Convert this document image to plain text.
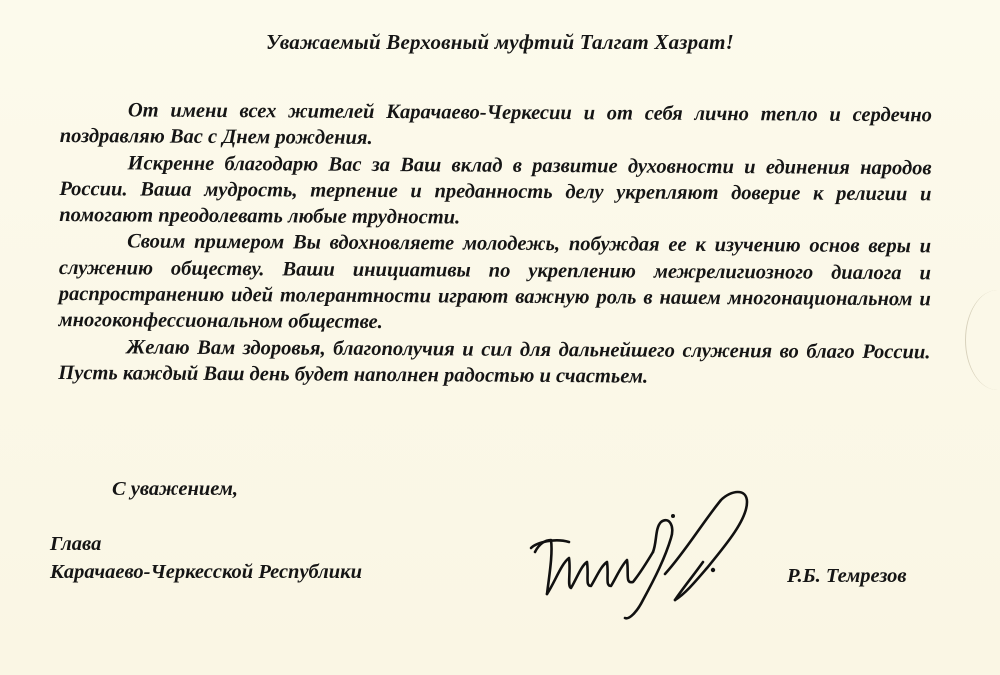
Уважаемый Верховный муфтий Талгат Хазрат!

От имени всех жителей Карачаево-Черкесии и от себя лично тепло и сердечно поздравляю Вас с Днем рождения.

Искренне благодарю Вас за Ваш вклад в развитие духовности и единения народов России. Ваша мудрость, терпение и преданность делу укрепляют доверие к религии и помогают преодолевать любые трудности.

Своим примером Вы вдохновляете молодежь, побуждая ее к изучению основ веры и служению обществу. Ваши инициативы по укреплению межрелигиозного диалога и распространению идей толерантности играют важную роль в нашем многонациональном и многоконфессиональном обществе.

Желаю Вам здоровья, благополучия и сил для дальнейшего служения во благо России. Пусть каждый Ваш день будет наполнен радостью и счастьем.

С уважением,
Глава
Карачаево-Черкесской Республики	Р.Б. Темрезов
